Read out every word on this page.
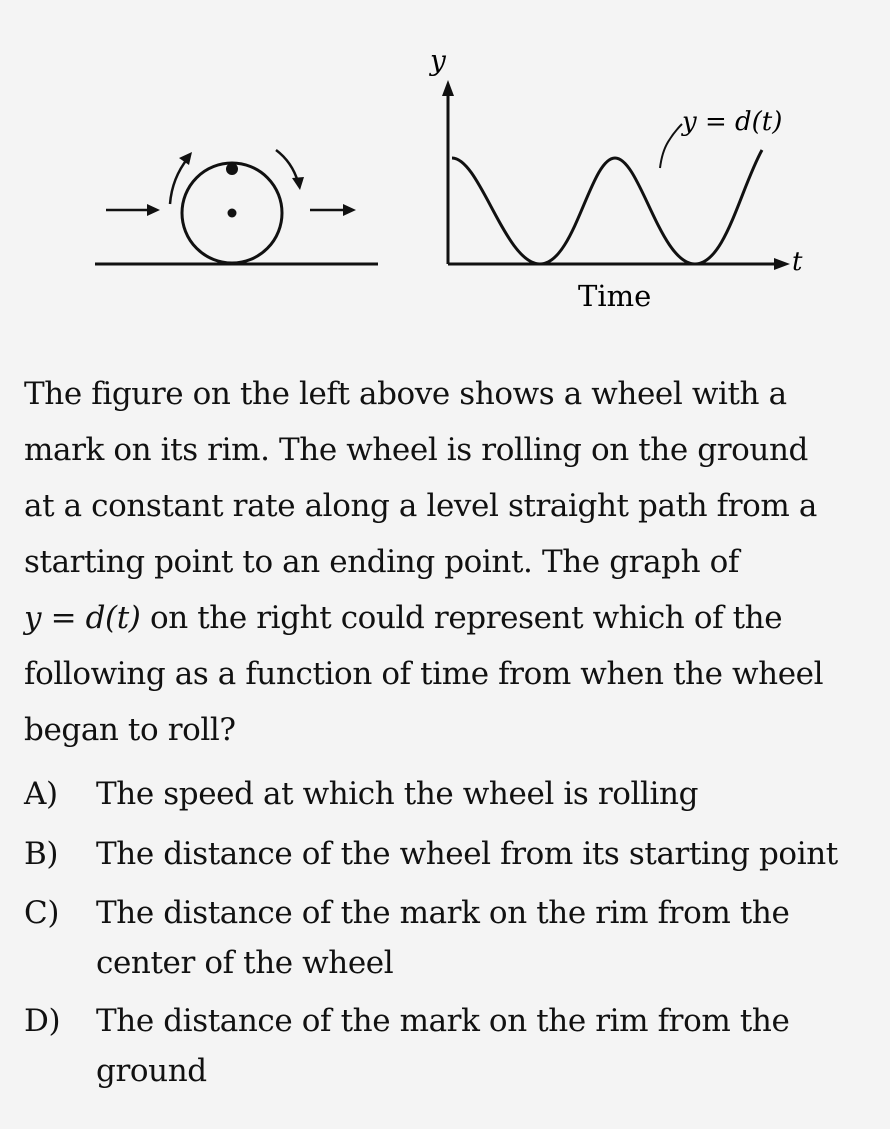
y
t
y = d(t)
Time

The figure on the left above shows a wheel with a
mark on its rim. The wheel is rolling on the ground
at a constant rate along a level straight path from a
starting point to an ending point. The graph of
y = d(t) on the right could represent which of the
following as a function of time from when the wheel
began to roll?

A) The speed at which the wheel is rolling
B) The distance of the wheel from its starting point
C) The distance of the mark on the rim from the center of the wheel
D) The distance of the mark on the rim from the ground
